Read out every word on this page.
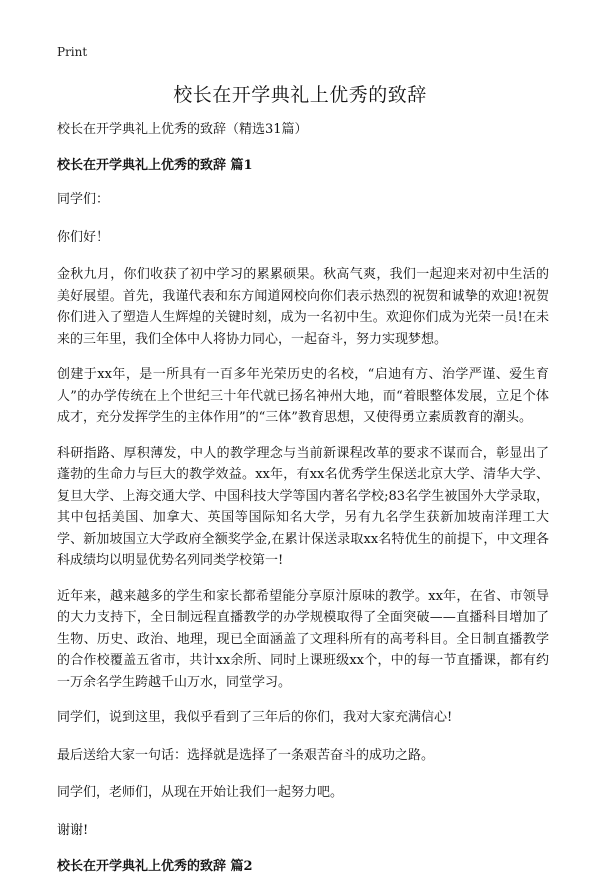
Print
校长在开学典礼上优秀的致辞
校长在开学典礼上优秀的致辞（精选31篇）
校长在开学典礼上优秀的致辞 篇1

同学们：

你们好！

金秋九月，你们收获了初中学习的累累硕果。秋高气爽，我们一起迎来对初中生活的美好展望。首先，我谨代表和东方闻道网校向你们表示热烈的祝贺和诚挚的欢迎!祝贺你们进入了塑造人生辉煌的关键时刻，成为一名初中生。欢迎你们成为光荣一员!在未来的三年里，我们全体中人将协力同心，一起奋斗，努力实现梦想。

创建于xx年，是一所具有一百多年光荣历史的名校，“启迪有方、治学严谨、爱生育人”的办学传统在上个世纪三十年代就已扬名神州大地，而“着眼整体发展，立足个体成才，充分发挥学生的主体作用”的“三体”教育思想，又使得勇立素质教育的潮头。

科研指路、厚积薄发，中人的教学理念与当前新课程改革的要求不谋而合，彰显出了蓬勃的生命力与巨大的教学效益。xx年，有xx名优秀学生保送北京大学、清华大学、复旦大学、上海交通大学、中国科技大学等国内著名学校;83名学生被国外大学录取，其中包括美国、加拿大、英国等国际知名大学，另有九名学生获新加坡南洋理工大学、新加坡国立大学政府全额奖学金,在累计保送录取xx名特优生的前提下，中文理各科成绩均以明显优势名列同类学校第一!

近年来，越来越多的学生和家长都希望能分享原汁原味的教学。xx年，在省、市领导的大力支持下，全日制远程直播教学的办学规模取得了全面突破——直播科目增加了生物、历史、政治、地理，现已全面涵盖了文理科所有的高考科目。全日制直播教学的合作校覆盖五省市，共计xx余所、同时上课班级xx个，中的每一节直播课，都有约一万余名学生跨越千山万水，同堂学习。

同学们，说到这里，我似乎看到了三年后的你们，我对大家充满信心!

最后送给大家一句话：选择就是选择了一条艰苦奋斗的成功之路。

同学们，老师们，从现在开始让我们一起努力吧。

谢谢!

校长在开学典礼上优秀的致辞 篇2
